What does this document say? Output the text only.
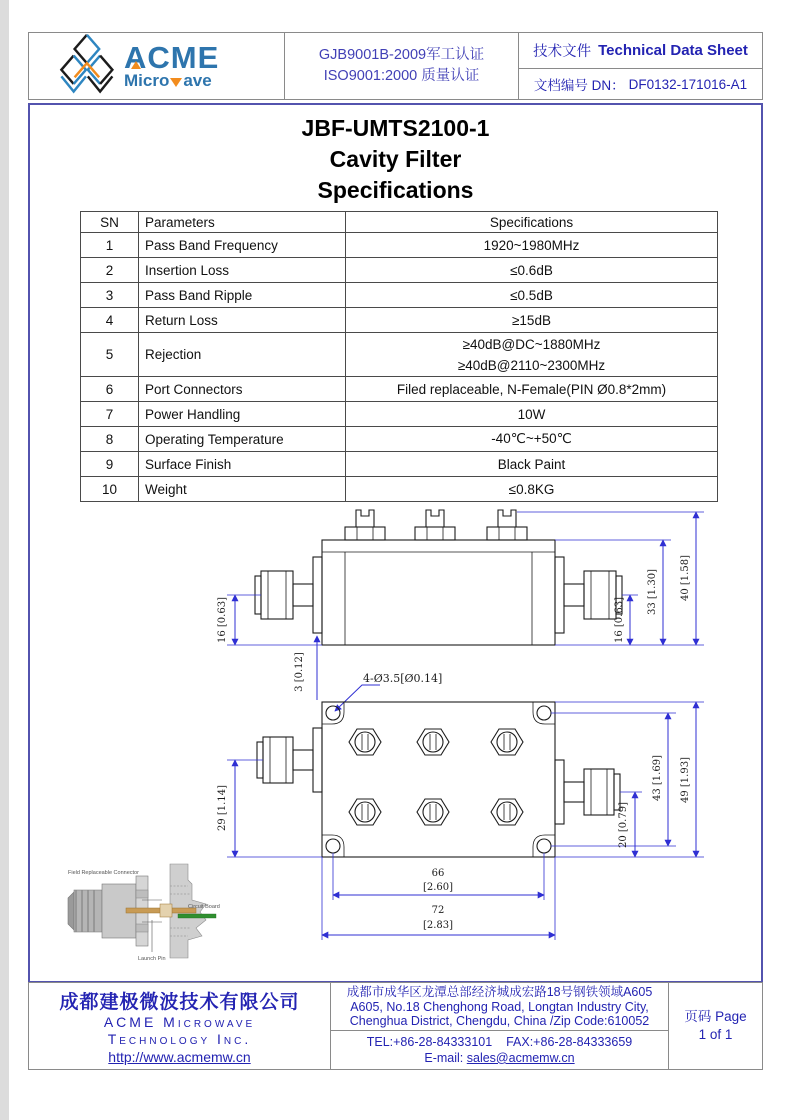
ACME
Micro ave
GJB9001B-2009军工认证
ISO9001:2000 质量认证
技术文件 Technical Data Sheet
文档编号 DN： DF0132-171016-A1
JBF-UMTS2100-1
Cavity Filter
Specifications
SN	Parameters	Specifications
1	Pass Band Frequency	1920~1980MHz
2	Insertion Loss	≤0.6dB
3	Pass Band Ripple	≤0.5dB
4	Return Loss	≥15dB
5	Rejection	≥40dB@DC~1880MHz
≥40dB@2110~2300MHz

6	Port Connectors	Filed replaceable, N-Female(PIN Ø0.8*2mm)
7	Power Handling	10W
8	Operating Temperature	-40℃~+50℃
9	Surface Finish	Black Paint
10	Weight	≤0.8KG
16 [0.63]
3 [0.12]
16 [0.63]
33 [1.30] 40 [1.58]
4-Ø3.5[Ø0.14]
29 [1.14]	20 [0.79]
43 [1.69] 49 [1.93]
66
[2.60]
72
[2.83]
Field Replaceable Connector
Circuit Board
Launch Pin
成都建极微波技术有限公司
ACME Microwave
Technology Inc.
http://www.acmemw.cn
成都市成华区龙潭总部经济城成宏路18号钢铁领域A605
A605, No.18 Chenghong Road, Longtan Industry City,
Chenghua District, Chengdu, China /Zip Code:610052
TEL:+86-28-84333101 FAX:+86-28-84333659
E-mail: sales@acmemw.cn
页码 Page
1 of 1
